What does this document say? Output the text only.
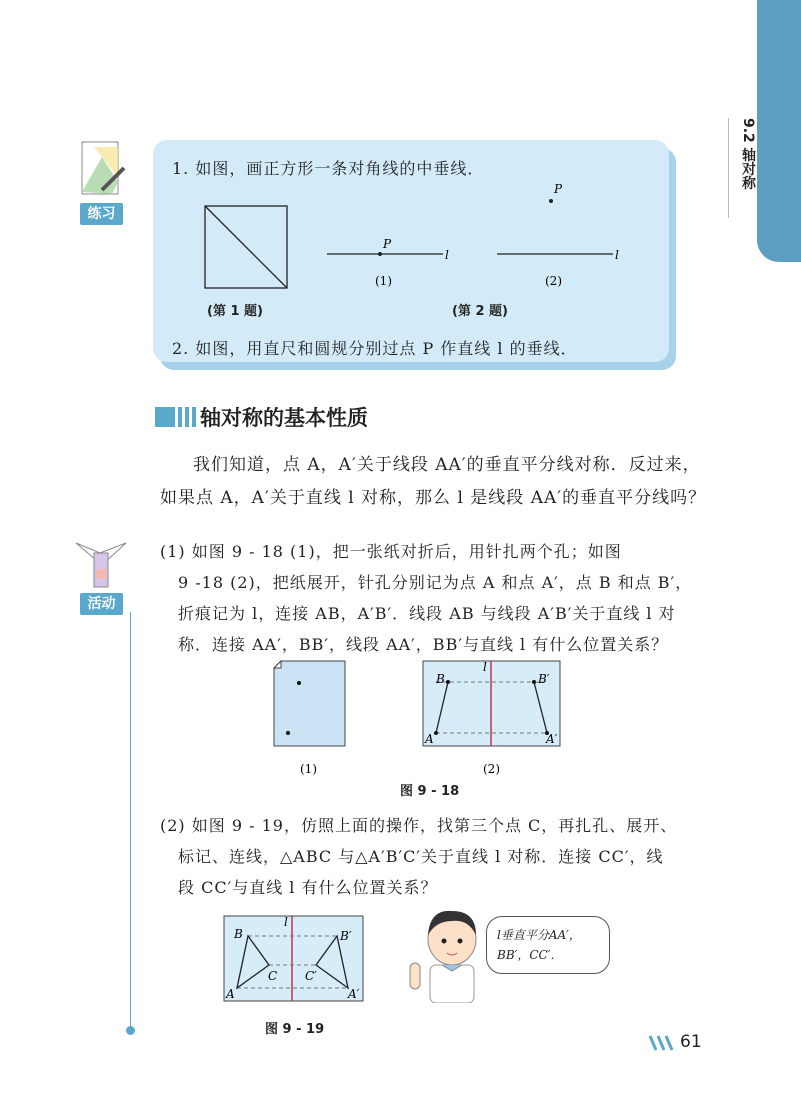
9.2 轴对称
练习
1. 如图，画正方形一条对角线的中垂线．
P
l
(1)
P
l
(2)
(第 1 题)	(第 2 题)
2. 如图，用直尺和圆规分别过点 P 作直线 l 的垂线．
轴对称的基本性质
我们知道，点 A，A′关于线段 AA′的垂直平分线对称．反过来，
如果点 A，A′关于直线 l 对称，那么 l 是线段 AA′的垂直平分线吗？
活动
(1) 如图 9 - 18 (1)，把一张纸对折后，用针扎两个孔；如图
9 -18 (2)，把纸展开，针孔分别记为点 A 和点 A′，点 B 和点 B′，
折痕记为 l，连接 AB，A′B′．线段 AB 与线段 A′B′关于直线 l 对
称．连接 AA′，BB′，线段 AA′，BB′与直线 l 有什么位置关系？
(1)
B	B′
A	A′
l
(2)
图 9 - 18
(2) 如图 9 - 19，仿照上面的操作，找第三个点 C，再扎孔、展开、
标记、连线，△ABC 与△A′B′C′关于直线 l 对称．连接 CC′，线
段 CC′与直线 l 有什么位置关系？
B	B′
C C′
A	A′
l
图 9 - 19
l垂直平分AA′，
BB′，CC′．
61
